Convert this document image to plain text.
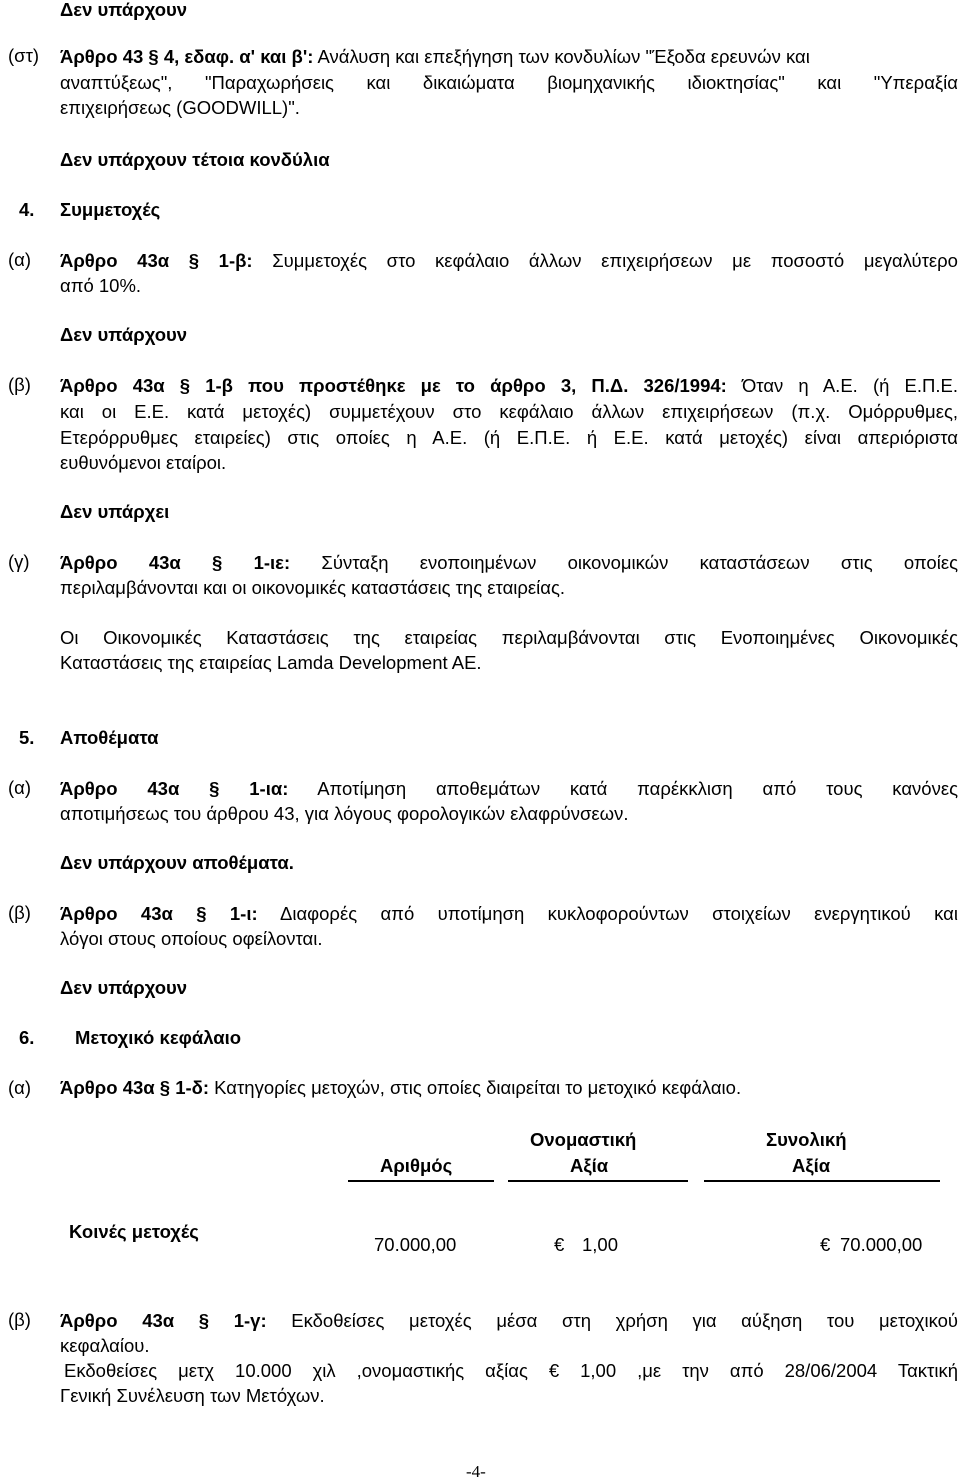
Δεν υπάρχουν
(στ) Άρθρο 43 § 4, εδαφ. α' και β': Ανάλυση και επεξήγηση των κονδυλίων "Έξοδα ερευνών και
αναπτύξεως", "Παραχωρήσεις και δικαιώματα βιομηχανικής ιδιοκτησίας" και "Υπεραξία
επιχειρήσεως (GOODWILL)".
Δεν υπάρχουν τέτοια κονδύλια
4. Συμμετοχές
(α) Άρθρο 43α § 1-β: Συμμετοχές στο κεφάλαιο άλλων επιχειρήσεων με ποσοστό μεγαλύτερο
από 10%.
Δεν υπάρχουν
(β) Άρθρο 43α § 1-β που προστέθηκε με το άρθρο 3, Π.Δ. 326/1994: Όταν η Α.Ε. (ή Ε.Π.Ε.
και οι Ε.Ε. κατά μετοχές) συμμετέχουν στο κεφάλαιο άλλων επιχειρήσεων (π.χ. Ομόρρυθμες,
Ετερόρρυθμες εταιρείες) στις οποίες η Α.Ε. (ή Ε.Π.Ε. ή Ε.Ε. κατά μετοχές) είναι απεριόριστα
ευθυνόμενοι εταίροι.
Δεν υπάρχει
(γ) Άρθρο 43α § 1-ιε: Σύνταξη ενοποιημένων οικονομικών καταστάσεων στις οποίες
περιλαμβάνονται και οι οικονομικές καταστάσεις της εταιρείας.
Οι Οικονομικές Καταστάσεις της εταιρείας περιλαμβάνονται στις Ενοποιημένες Οικονομικές
Καταστάσεις της εταιρείας Lamda Development AE.
5. Αποθέματα
(α) Άρθρο 43α § 1-ια: Αποτίμηση αποθεμάτων κατά παρέκκλιση από τους κανόνες
αποτιμήσεως του άρθρου 43, για λόγους φορολογικών ελαφρύνσεων.
Δεν υπάρχουν αποθέματα.
(β) Άρθρο 43α § 1-ι: Διαφορές από υποτίμηση κυκλοφορούντων στοιχείων ενεργητικού και
λόγοι στους οποίους οφείλονται.
Δεν υπάρχουν
6. Μετοχικό κεφάλαιο
(α) Άρθρο 43α § 1-δ: Κατηγορίες μετοχών, στις οποίες διαιρείται το μετοχικό κεφάλαιο.
Αριθμός
Ονομαστική
Αξία
Συνολική
Αξία
Κοινές μετοχές
70.000,00	€ 1,00	€ 70.000,00
(β) Άρθρο 43α § 1-γ: Εκδοθείσες μετοχές μέσα στη χρήση για αύξηση του μετοχικού
κεφαλαίου.
Εκδοθείσες μετχ 10.000 χιλ ,ονομαστικής αξίας € 1,00 ,με την από 28/06/2004 Τακτική
Γενική Συνέλευση των Μετόχων.
-4-
